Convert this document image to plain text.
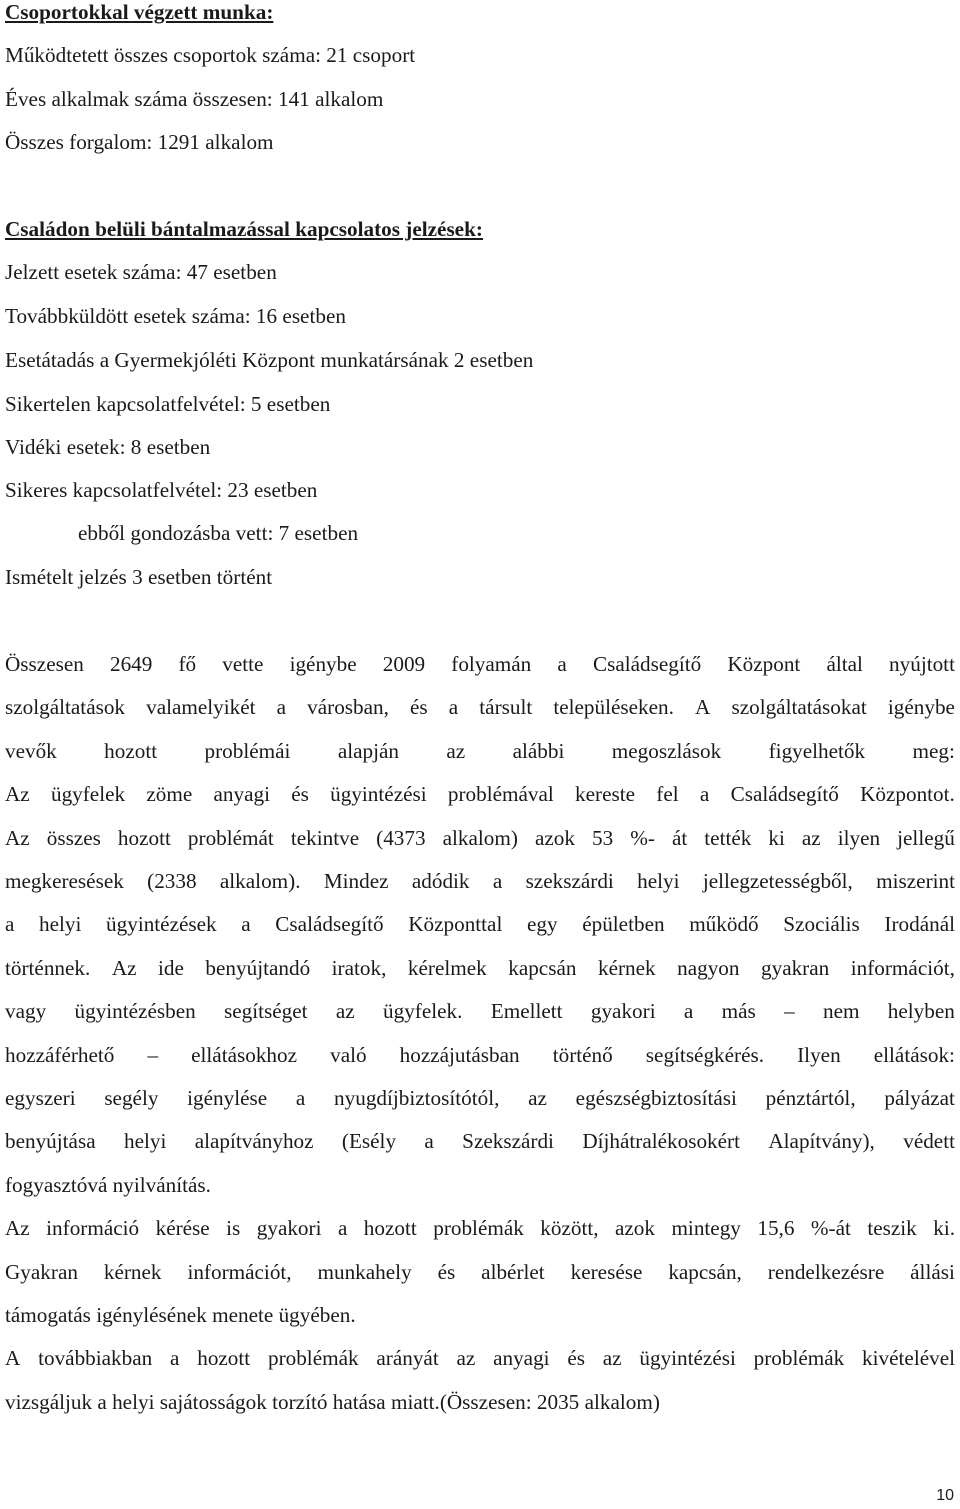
Csoportokkal végzett munka:
Működtetett összes csoportok száma: 21 csoport
Éves alkalmak száma összesen: 141 alkalom
Összes forgalom: 1291 alkalom
Családon belüli bántalmazással kapcsolatos jelzések:
Jelzett esetek száma: 47 esetben
Továbbküldött esetek száma: 16 esetben
Esetátadás a Gyermekjóléti Központ munkatársának 2 esetben
Sikertelen kapcsolatfelvétel: 5 esetben
Vidéki esetek: 8 esetben
Sikeres kapcsolatfelvétel: 23 esetben
ebből gondozásba vett: 7 esetben
Ismételt jelzés 3 esetben történt
Összesen 2649 fő vette igénybe 2009 folyamán a Családsegítő Központ által nyújtott
szolgáltatások valamelyikét a városban, és a társult településeken. A szolgáltatásokat igénybe
vevők hozott problémái alapján az alábbi megoszlások figyelhetők meg:
Az ügyfelek zöme anyagi és ügyintézési problémával kereste fel a Családsegítő Központot.
Az összes hozott problémát tekintve (4373 alkalom) azok 53 %- át tették ki az ilyen jellegű
megkeresések (2338 alkalom). Mindez adódik a szekszárdi helyi jellegzetességből, miszerint
a helyi ügyintézések a Családsegítő Központtal egy épületben működő Szociális Irodánál
történnek. Az ide benyújtandó iratok, kérelmek kapcsán kérnek nagyon gyakran információt,
vagy ügyintézésben segítséget az ügyfelek. Emellett gyakori a más – nem helyben
hozzáférhető – ellátásokhoz való hozzájutásban történő segítségkérés. Ilyen ellátások:
egyszeri segély igénylése a nyugdíjbiztosítótól, az egészségbiztosítási pénztártól, pályázat
benyújtása helyi alapítványhoz (Esély a Szekszárdi Díjhátralékosokért Alapítvány), védett
fogyasztóvá nyilvánítás.
Az információ kérése is gyakori a hozott problémák között, azok mintegy 15,6 %-át teszik ki.
Gyakran kérnek információt, munkahely és albérlet keresése kapcsán, rendelkezésre állási
támogatás igénylésének menete ügyében.
A továbbiakban a hozott problémák arányát az anyagi és az ügyintézési problémák kivételével
vizsgáljuk a helyi sajátosságok torzító hatása miatt.(Összesen: 2035 alkalom)
10
